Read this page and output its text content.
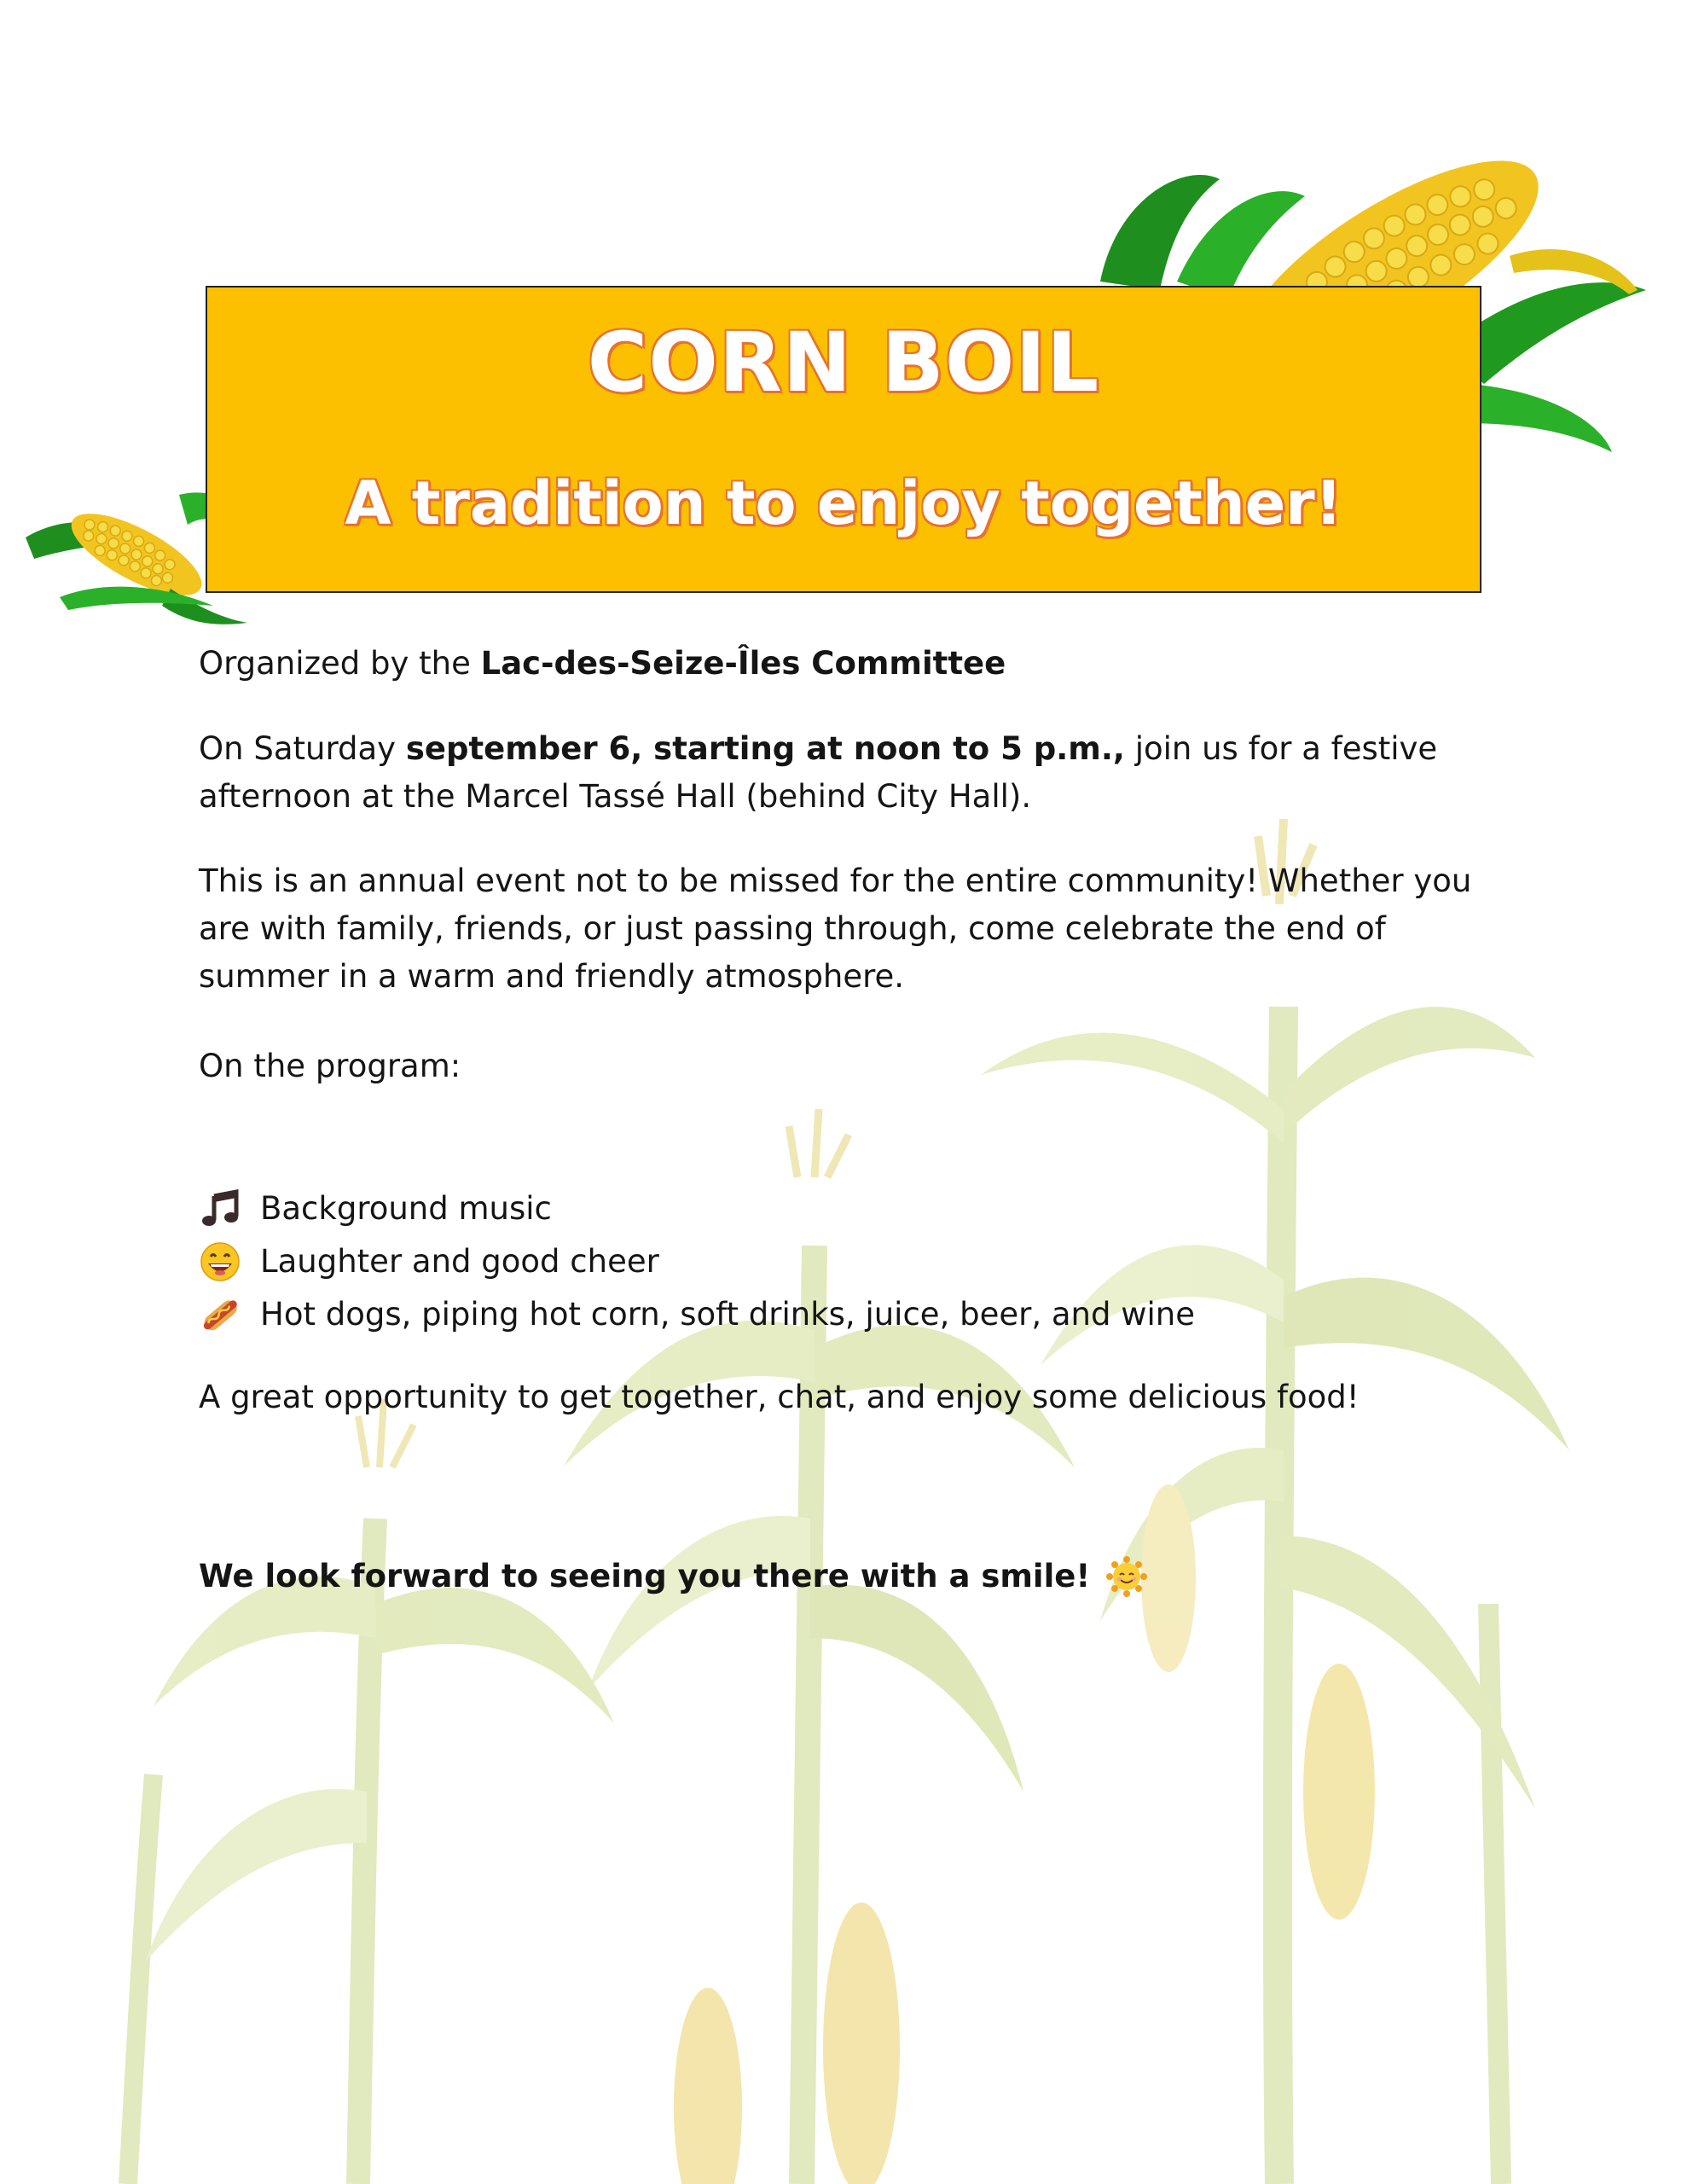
CORN BOIL
A tradition to enjoy together!

Organized by the Lac-des-Seize-Îles Committee

On Saturday september 6, starting at noon to 5 p.m., join us for a festive afternoon at the Marcel Tassé Hall (behind City Hall).

This is an annual event not to be missed for the entire community! Whether you are with family, friends, or just passing through, come celebrate the end of summer in a warm and friendly atmosphere.

On the program:

Background music
Laughter and good cheer
Hot dogs, piping hot corn, soft drinks, juice, beer, and wine

A great opportunity to get together, chat, and enjoy some delicious food!

We look forward to seeing you there with a smile!
